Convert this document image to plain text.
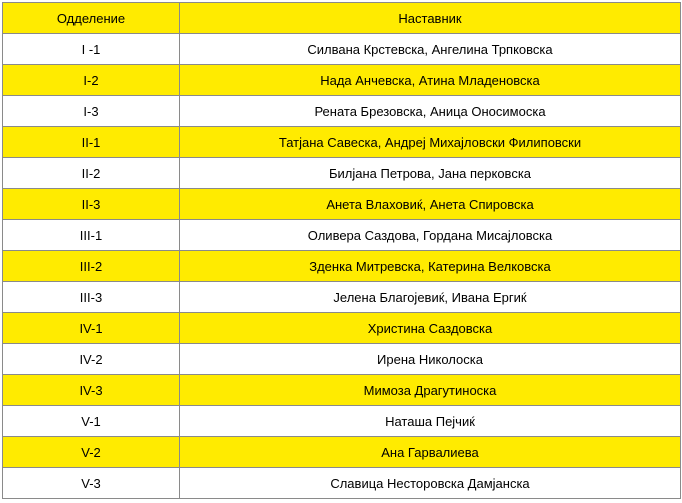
Одделение	Наставник
I -1	Силвана Крстевска, Ангелина Трпковска
I-2	Нада Анчевска, Атина Младеновска
I-3	Рената Брезовска, Аница Оносимоска
II-1	Татјана Савеска, Андреј Михајловски Филиповски
II-2	Билјана Петрова, Јана перковска
II-3	Анета Влаховиќ, Анета Спировска
III-1	Оливера Саздова, Гордана Мисајловска
III-2	Зденка Митревска, Катерина Велковска
III-3	Јелена Благојевиќ, Ивана Ергиќ
IV-1	Христина Саздовска
IV-2	Ирена Николоска
IV-3	Мимоза Драгутиноска
V-1	Наташа Пејчиќ
V-2	Ана Гарвалиева
V-3	Славица Несторовска Дамјанска
